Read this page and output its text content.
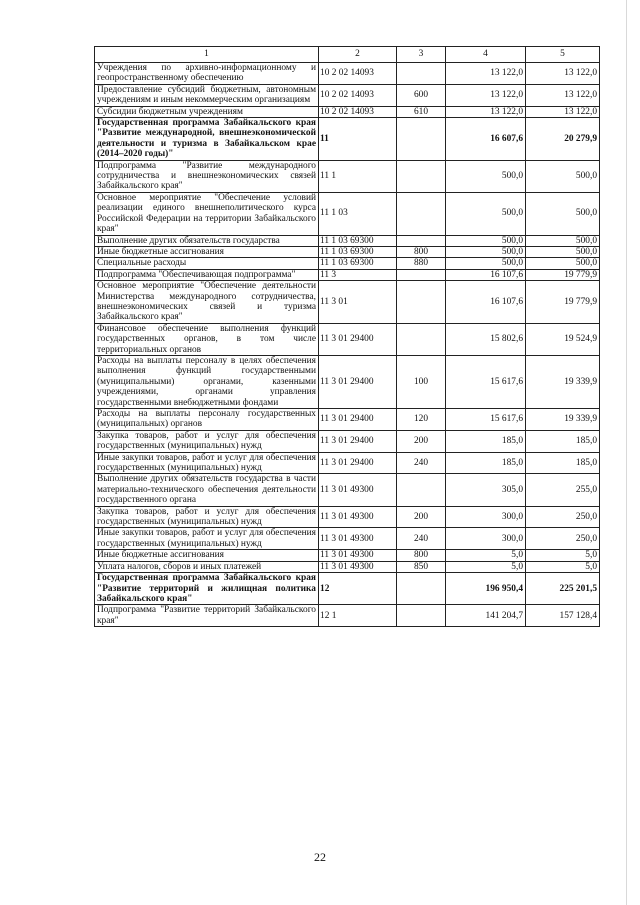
1	2	3	4	5
Учреждения по архивно-информационному и геопространственному обеспечению	10 2 02 14093		13 122,0	13 122,0
Предоставление субсидий бюджетным, автономным учреждениям и иным некоммерческим организациям	10 2 02 14093	600	13 122,0	13 122,0
Субсидии бюджетным учреждениям	10 2 02 14093	610	13 122,0	13 122,0
Государственная программа Забайкальского края "Развитие международной, внешнеэкономической деятельности и туризма в Забайкальском крае (2014–2020 годы)"	11		16 607,6	20 279,9
Подпрограмма "Развитие международного сотрудничества и внешнеэкономических связей Забайкальского края"	11 1		500,0	500,0
Основное мероприятие "Обеспечение условий реализации единого внешнеполитического курса Российской Федерации на территории Забайкальского края"	11 1 03		500,0	500,0
Выполнение других обязательств государства	11 1 03 69300		500,0	500,0
Иные бюджетные ассигнования	11 1 03 69300	800	500,0	500,0
Специальные расходы	11 1 03 69300	880	500,0	500,0
Подпрограмма "Обеспечивающая подпрограмма"	11 3		16 107,6	19 779,9
Основное мероприятие "Обеспечение деятельности Министерства международного сотрудничества, внешнеэкономических связей и туризма Забайкальского края"	11 3 01		16 107,6	19 779,9
Финансовое обеспечение выполнения функций государственных органов, в том числе территориальных органов	11 3 01 29400		15 802,6	19 524,9
Расходы на выплаты персоналу в целях обеспечения выполнения функций государственными (муниципальными) органами, казенными учреждениями, органами управления государственными внебюджетными фондами	11 3 01 29400	100	15 617,6	19 339,9
Расходы на выплаты персоналу государственных (муниципальных) органов	11 3 01 29400	120	15 617,6	19 339,9
Закупка товаров, работ и услуг для обеспечения государственных (муниципальных) нужд	11 3 01 29400	200	185,0	185,0
Иные закупки товаров, работ и услуг для обеспечения государственных (муниципальных) нужд	11 3 01 29400	240	185,0	185,0
Выполнение других обязательств государства в части материально-технического обеспечения деятельности государственного органа	11 3 01 49300		305,0	255,0
Закупка товаров, работ и услуг для обеспечения государственных (муниципальных) нужд	11 3 01 49300	200	300,0	250,0
Иные закупки товаров, работ и услуг для обеспечения государственных (муниципальных) нужд	11 3 01 49300	240	300,0	250,0
Иные бюджетные ассигнования	11 3 01 49300	800	5,0	5,0
Уплата налогов, сборов и иных платежей	11 3 01 49300	850	5,0	5,0
Государственная программа Забайкальского края "Развитие территорий и жилищная политика Забайкальского края"	12		196 950,4	225 201,5
Подпрограмма "Развитие территорий Забайкальского края"	12 1		141 204,7	157 128,4
22
